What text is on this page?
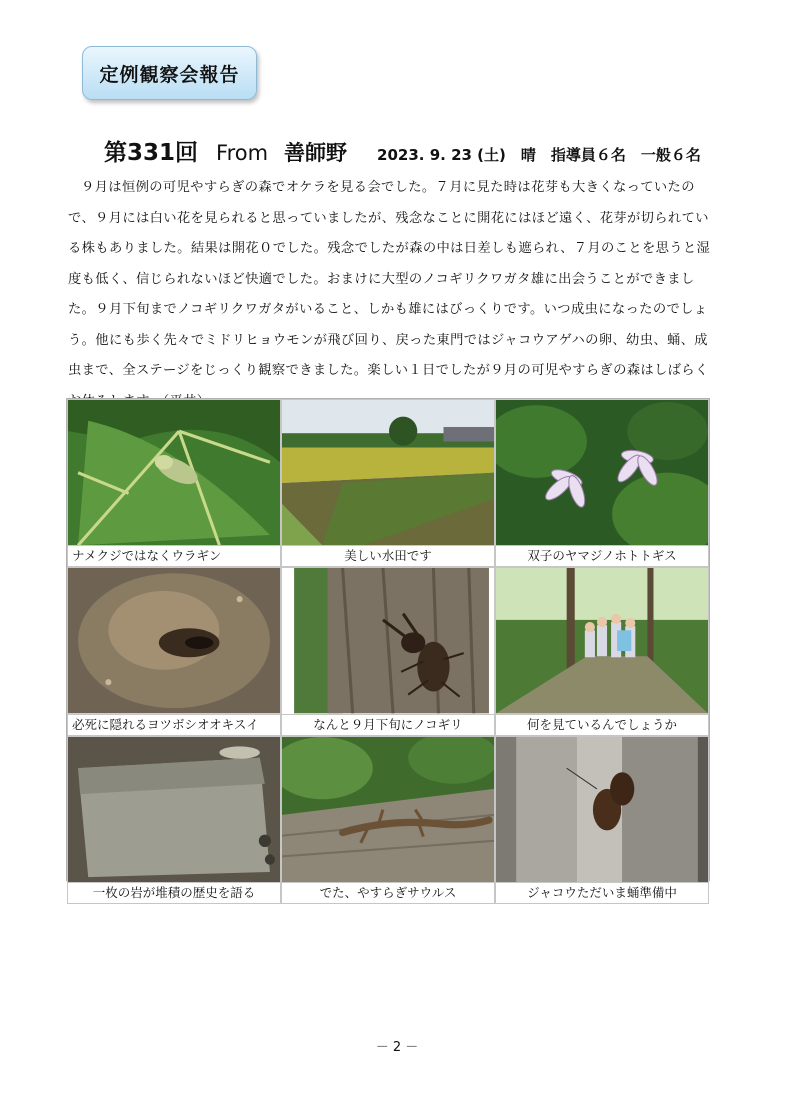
定例観察会報告
第331回 From 善師野 2023. 9. 23 (土)　晴　指導員６名　一般６名

９月は恒例の可児やすらぎの森でオケラを見る会でした。７月に見た時は花芽も大きくなっていたので、９月には白い花を見られると思っていましたが、残念なことに開花にはほど遠く、花芽が切られている株もありました。結果は開花０でした。残念でしたが森の中は日差しも遮られ、７月のことを思うと湿度も低く、信じられないほど快適でした。おまけに大型のノコギリクワガタ雄に出会うことができました。９月下旬までノコギリクワガタがいること、しかも雄にはびっくりです。いつ成虫になったのでしょう。他にも歩く先々でミドリヒョウモンが飛び回り、戻った東門ではジャコウアゲハの卵、幼虫、蛹、成虫まで、全ステージをじっくり観察できました。楽しい１日でしたが９月の可児やすらぎの森はしばらく

ナメクジではなくウラギン	美しい水田です	双子のヤマジノホトトギス
必死に隠れるヨツボシオオキスイ	なんと９月下旬にノコギリ	何を見ているんでしょうか
一枚の岩が堆積の歴史を語る	でた、やすらぎサウルス	ジャコウただいま蛹準備中
－ 2 －
